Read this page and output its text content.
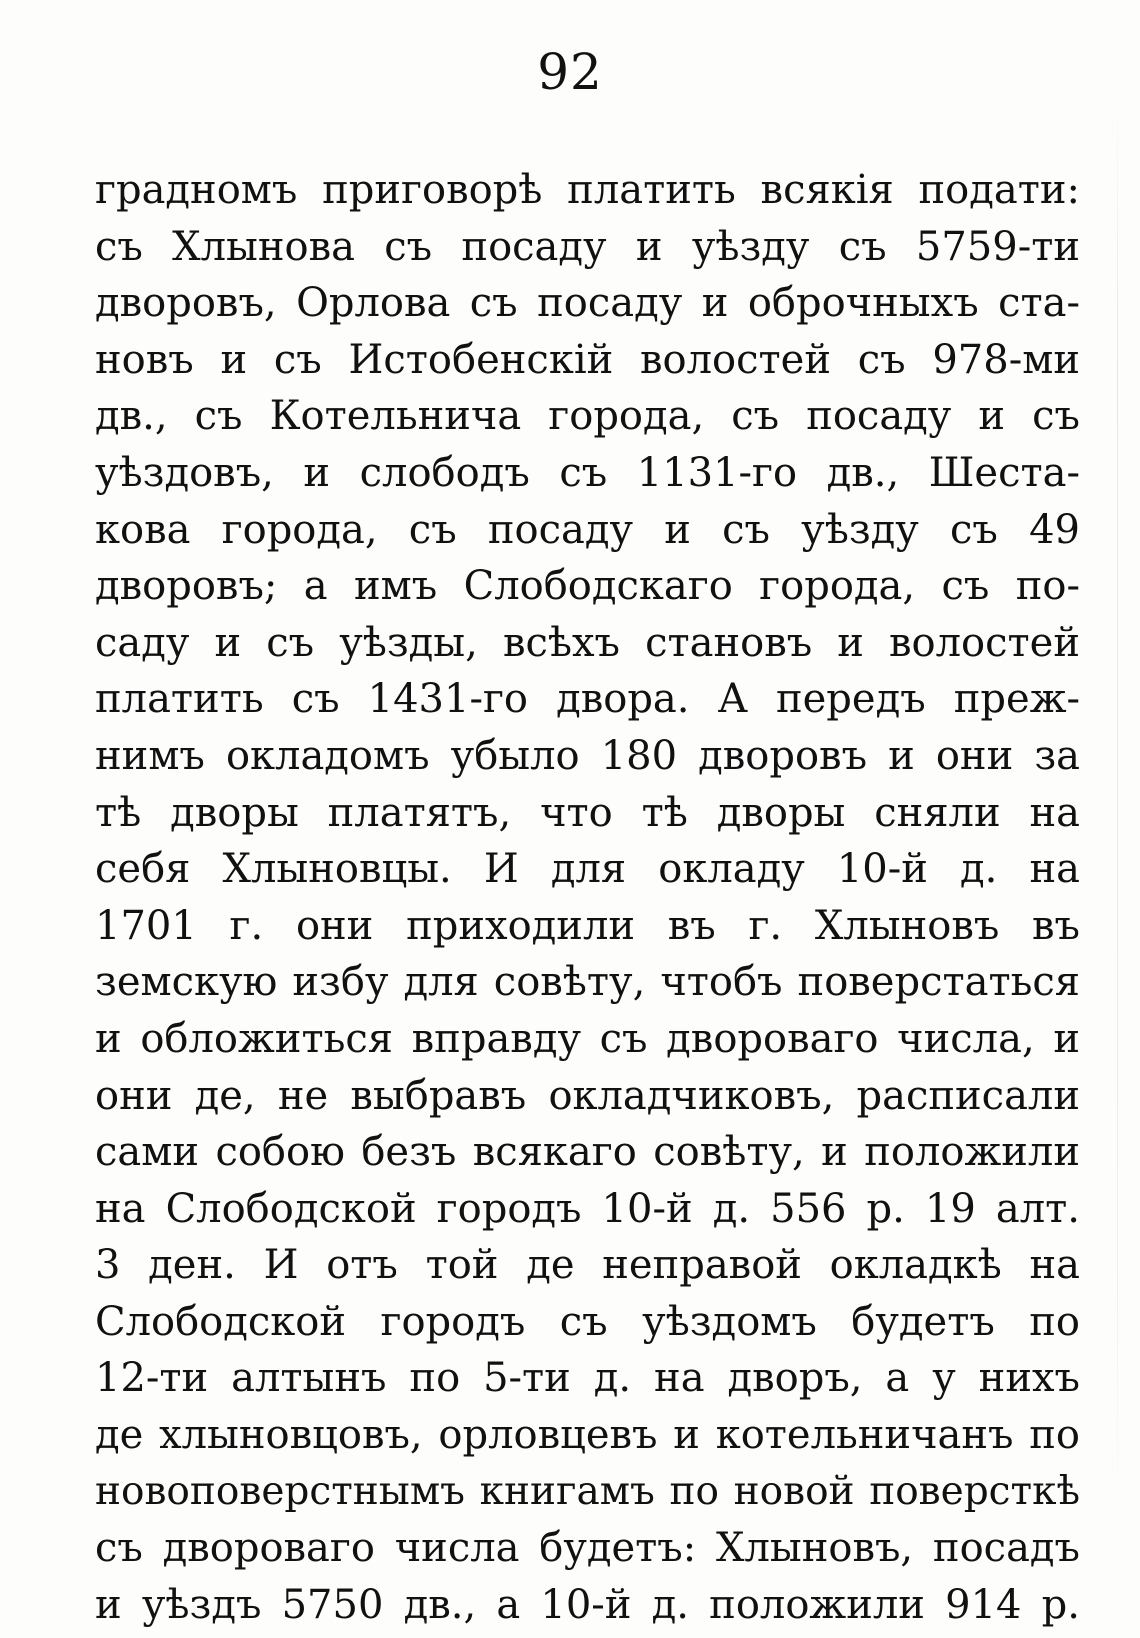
92
градномъ приговорѣ платить всякія подати:
съ Хлынова съ посаду и уѣзду съ 5759-ти
дворовъ, Орлова съ посаду и оброчныхъ ста-
новъ и съ Истобенскій волостей съ 978-ми
дв., съ Котельнича города, съ посаду и съ
уѣздовъ, и слободъ съ 1131-го дв., Шеста-
кова города, съ посаду и съ уѣзду съ 49
дворовъ; а имъ Слободскаго города, съ по-
саду и съ уѣзды, всѣхъ становъ и волостей
платить съ 1431-го двора. А передъ преж-
нимъ окладомъ убыло 180 дворовъ и они за
тѣ дворы платятъ, что тѣ дворы сняли на
себя Хлыновцы. И для окладу 10-й д. на
1701 г. они приходили въ г. Хлыновъ въ
земскую избу для совѣту, чтобъ поверстаться
и обложиться вправду съ двороваго числа, и
они де, не выбравъ окладчиковъ, расписали
сами собою безъ всякаго совѣту, и положили
на Слободской городъ 10-й д. 556 р. 19 алт.
3 ден. И отъ той де неправой окладкѣ на
Слободской городъ съ уѣздомъ будетъ по
12-ти алтынъ по 5-ти д. на дворъ, а у нихъ
де хлыновцовъ, орловцевъ и котельничанъ по
новоповерстнымъ книгамъ по новой поверсткѣ
съ двороваго числа будетъ: Хлыновъ, посадъ
и уѣздъ 5750 дв., а 10-й д. положили 914 р.
